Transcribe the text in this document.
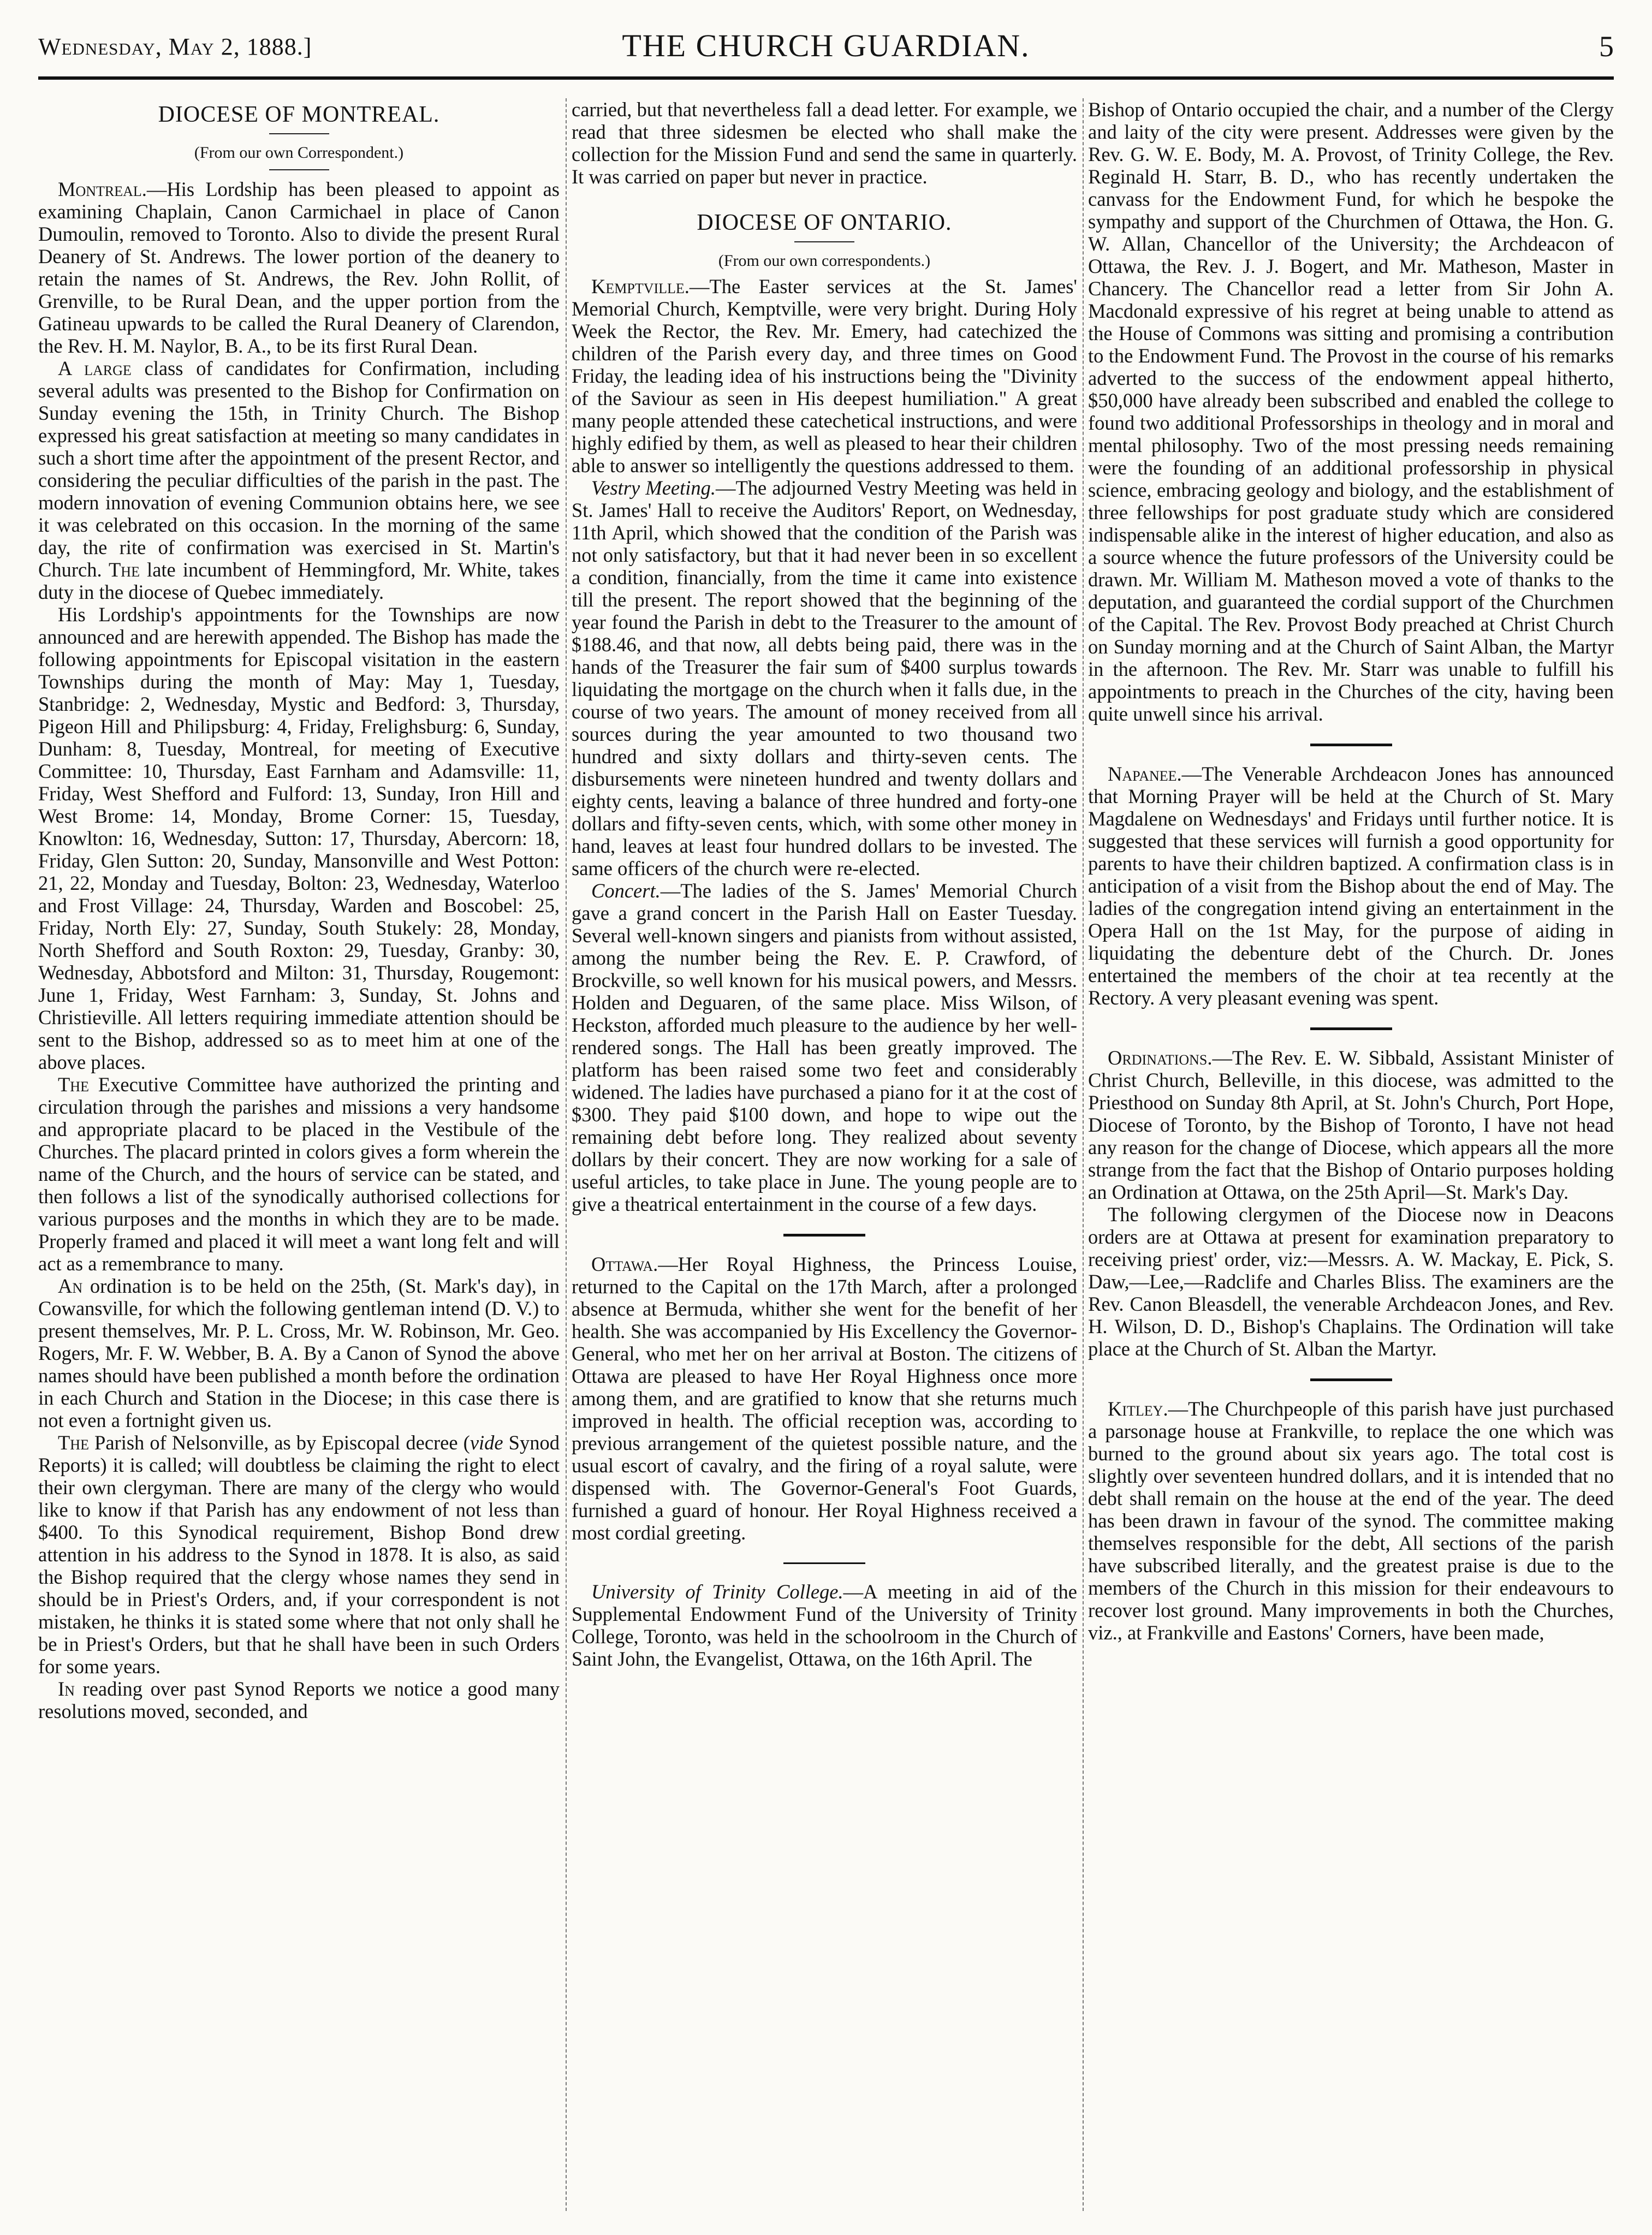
Wednesday, May 2, 1888.]	THE CHURCH GUARDIAN.	5
DIOCESE OF MONTREAL.
(From our own Correspondent.)

Montreal.—His Lordship has been pleased to appoint as examining Chaplain, Canon Carmichael in place of Canon Dumoulin, removed to Toronto. Also to divide the present Rural Deanery of St. Andrews. The lower portion of the deanery to retain the names of St. Andrews, the Rev. John Rollit, of Grenville, to be Rural Dean, and the upper portion from the Gatineau upwards to be called the Rural Deanery of Clarendon, the Rev. H. M. Naylor, B. A., to be its first Rural Dean.

A large class of candidates for Confirmation, including several adults was presented to the Bishop for Confirmation on Sunday evening the 15th, in Trinity Church. The Bishop expressed his great satisfaction at meeting so many candidates in such a short time after the appointment of the present Rector, and considering the peculiar difficulties of the parish in the past. The modern innovation of evening Communion obtains here, we see it was celebrated on this occasion. In the morning of the same day, the rite of confirmation was exercised in St. Martin's Church. The late incumbent of Hemmingford, Mr. White, takes duty in the diocese of Quebec immediately.

His Lordship's appointments for the Townships are now announced and are herewith appended. The Bishop has made the following appointments for Episcopal visitation in the eastern Townships during the month of May: May 1, Tuesday, Stanbridge: 2, Wednesday, Mystic and Bedford: 3, Thursday, Pigeon Hill and Philipsburg: 4, Friday, Frelighsburg: 6, Sunday, Dunham: 8, Tuesday, Montreal, for meeting of Executive Committee: 10, Thursday, East Farnham and Adamsville: 11, Friday, West Shefford and Fulford: 13, Sunday, Iron Hill and West Brome: 14, Monday, Brome Corner: 15, Tuesday, Knowlton: 16, Wednesday, Sutton: 17, Thursday, Abercorn: 18, Friday, Glen Sutton: 20, Sunday, Mansonville and West Potton: 21, 22, Monday and Tuesday, Bolton: 23, Wednesday, Waterloo and Frost Village: 24, Thursday, Warden and Boscobel: 25, Friday, North Ely: 27, Sunday, South Stukely: 28, Monday, North Shefford and South Roxton: 29, Tuesday, Granby: 30, Wednesday, Abbotsford and Milton: 31, Thursday, Rougemont: June 1, Friday, West Farnham: 3, Sunday, St. Johns and Christieville. All letters requiring immediate attention should be sent to the Bishop, addressed so as to meet him at one of the above places.

The Executive Committee have authorized the printing and circulation through the parishes and missions a very handsome and appropriate placard to be placed in the Vestibule of the Churches. The placard printed in colors gives a form wherein the name of the Church, and the hours of service can be stated, and then follows a list of the synodically authorised collections for various purposes and the months in which they are to be made. Properly framed and placed it will meet a want long felt and will act as a remembrance to many.

An ordination is to be held on the 25th, (St. Mark's day), in Cowansville, for which the following gentleman intend (D. V.) to present themselves, Mr. P. L. Cross, Mr. W. Robinson, Mr. Geo. Rogers, Mr. F. W. Webber, B. A. By a Canon of Synod the above names should have been published a month before the ordination in each Church and Station in the Diocese; in this case there is not even a fortnight given us.

The Parish of Nelsonville, as by Episcopal decree (vide Synod Reports) it is called; will doubtless be claiming the right to elect their own clergyman. There are many of the clergy who would like to know if that Parish has any endowment of not less than $400. To this Synodical requirement, Bishop Bond drew attention in his address to the Synod in 1878. It is also, as said the Bishop required that the clergy whose names they send in should be in Priest's Orders, and, if your correspondent is not mistaken, he thinks it is stated some where that not only shall he be in Priest's Orders, but that he shall have been in such Orders for some years.

In reading over past Synod Reports we notice a good many resolutions moved, seconded, and

carried, but that nevertheless fall a dead letter. For example, we read that three sidesmen be elected who shall make the collection for the Mission Fund and send the same in quarterly. It was carried on paper but never in practice.

DIOCESE OF ONTARIO.
(From our own correspondents.)

Kemptville.—The Easter services at the St. James' Memorial Church, Kemptville, were very bright. During Holy Week the Rector, the Rev. Mr. Emery, had catechized the children of the Parish every day, and three times on Good Friday, the leading idea of his instructions being the "Divinity of the Saviour as seen in His deepest humiliation." A great many people attended these catechetical instructions, and were highly edified by them, as well as pleased to hear their children able to answer so intelligently the questions addressed to them.

Vestry Meeting.—The adjourned Vestry Meeting was held in St. James' Hall to receive the Auditors' Report, on Wednesday, 11th April, which showed that the condition of the Parish was not only satisfactory, but that it had never been in so excellent a condition, financially, from the time it came into existence till the present. The report showed that the beginning of the year found the Parish in debt to the Treasurer to the amount of $188.46, and that now, all debts being paid, there was in the hands of the Treasurer the fair sum of $400 surplus towards liquidating the mortgage on the church when it falls due, in the course of two years. The amount of money received from all sources during the year amounted to two thousand two hundred and sixty dollars and thirty-seven cents. The disbursements were nineteen hundred and twenty dollars and eighty cents, leaving a balance of three hundred and forty-one dollars and fifty-seven cents, which, with some other money in hand, leaves at least four hundred dollars to be invested. The same officers of the church were re-elected.

Concert.—The ladies of the S. James' Memorial Church gave a grand concert in the Parish Hall on Easter Tuesday. Several well-known singers and pianists from without assisted, among the number being the Rev. E. P. Crawford, of Brockville, so well known for his musical powers, and Messrs. Holden and Deguaren, of the same place. Miss Wilson, of Heckston, afforded much pleasure to the audience by her well-rendered songs. The Hall has been greatly improved. The platform has been raised some two feet and considerably widened. The ladies have purchased a piano for it at the cost of $300. They paid $100 down, and hope to wipe out the remaining debt before long. They realized about seventy dollars by their concert. They are now working for a sale of useful articles, to take place in June. The young people are to give a theatrical entertainment in the course of a few days.

Ottawa.—Her Royal Highness, the Princess Louise, returned to the Capital on the 17th March, after a prolonged absence at Bermuda, whither she went for the benefit of her health. She was accompanied by His Excellency the Governor-General, who met her on her arrival at Boston. The citizens of Ottawa are pleased to have Her Royal Highness once more among them, and are gratified to know that she returns much improved in health. The official reception was, according to previous arrangement of the quietest possible nature, and the usual escort of cavalry, and the firing of a royal salute, were dispensed with. The Governor-General's Foot Guards, furnished a guard of honour. Her Royal Highness received a most cordial greeting.

University of Trinity College.—A meeting in aid of the Supplemental Endowment Fund of the University of Trinity College, Toronto, was held in the schoolroom in the Church of Saint John, the Evangelist, Ottawa, on the 16th April. The

Bishop of Ontario occupied the chair, and a number of the Clergy and laity of the city were present. Addresses were given by the Rev. G. W. E. Body, M. A. Provost, of Trinity College, the Rev. Reginald H. Starr, B. D., who has recently undertaken the canvass for the Endowment Fund, for which he bespoke the sympathy and support of the Churchmen of Ottawa, the Hon. G. W. Allan, Chancellor of the University; the Archdeacon of Ottawa, the Rev. J. J. Bogert, and Mr. Matheson, Master in Chancery. The Chancellor read a letter from Sir John A. Macdonald expressive of his regret at being unable to attend as the House of Commons was sitting and promising a contribution to the Endowment Fund. The Provost in the course of his remarks adverted to the success of the endowment appeal hitherto, $50,000 have already been subscribed and enabled the college to found two additional Professorships in theology and in moral and mental philosophy. Two of the most pressing needs remaining were the founding of an additional professorship in physical science, embracing geology and biology, and the establishment of three fellowships for post graduate study which are considered indispensable alike in the interest of higher education, and also as a source whence the future professors of the University could be drawn. Mr. William M. Matheson moved a vote of thanks to the deputation, and guaranteed the cordial support of the Churchmen of the Capital. The Rev. Provost Body preached at Christ Church on Sunday morning and at the Church of Saint Alban, the Martyr in the afternoon. The Rev. Mr. Starr was unable to fulfill his appointments to preach in the Churches of the city, having been quite unwell since his arrival.

Napanee.—The Venerable Archdeacon Jones has announced that Morning Prayer will be held at the Church of St. Mary Magdalene on Wednesdays' and Fridays until further notice. It is suggested that these services will furnish a good opportunity for parents to have their children baptized. A confirmation class is in anticipation of a visit from the Bishop about the end of May. The ladies of the congregation intend giving an entertainment in the Opera Hall on the 1st May, for the purpose of aiding in liquidating the debenture debt of the Church. Dr. Jones entertained the members of the choir at tea recently at the Rectory. A very pleasant evening was spent.

Ordinations.—The Rev. E. W. Sibbald, Assistant Minister of Christ Church, Belleville, in this diocese, was admitted to the Priesthood on Sunday 8th April, at St. John's Church, Port Hope, Diocese of Toronto, by the Bishop of Toronto, I have not head any reason for the change of Diocese, which appears all the more strange from the fact that the Bishop of Ontario purposes holding an Ordination at Ottawa, on the 25th April—St. Mark's Day.

The following clergymen of the Diocese now in Deacons orders are at Ottawa at present for examination preparatory to receiving priest' order, viz:—Messrs. A. W. Mackay, E. Pick, S. Daw,—Lee,—Radclife and Charles Bliss. The examiners are the Rev. Canon Bleasdell, the venerable Archdeacon Jones, and Rev. H. Wilson, D. D., Bishop's Chaplains. The Ordination will take place at the Church of St. Alban the Martyr.

Kitley.—The Churchpeople of this parish have just purchased a parsonage house at Frankville, to replace the one which was burned to the ground about six years ago. The total cost is slightly over seventeen hundred dollars, and it is intended that no debt shall remain on the house at the end of the year. The deed has been drawn in favour of the synod. The committee making themselves responsible for the debt, All sections of the parish have subscribed literally, and the greatest praise is due to the members of the Church in this mission for their endeavours to recover lost ground. Many improvements in both the Churches, viz., at Frankville and Eastons' Corners, have been made,
